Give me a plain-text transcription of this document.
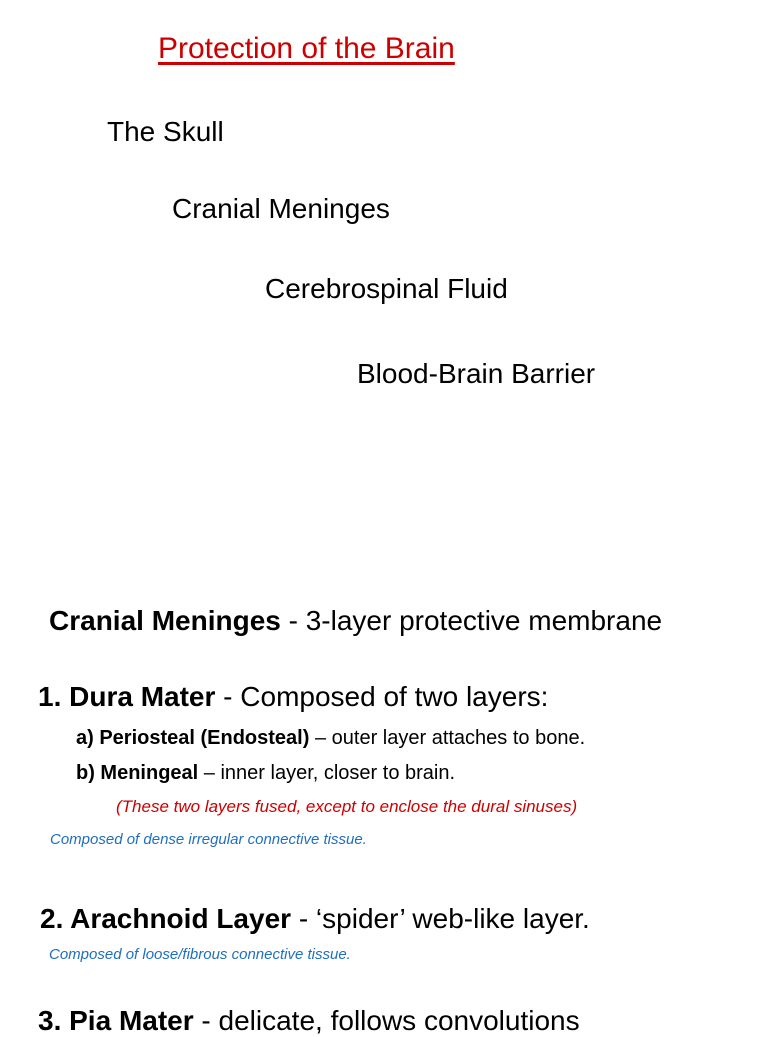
Protection of the Brain
The Skull
Cranial Meninges
Cerebrospinal Fluid
Blood-Brain Barrier
Cranial Meninges - 3-layer protective membrane
1. Dura Mater - Composed of two layers:
a) Periosteal (Endosteal) – outer layer attaches to bone.
b) Meningeal – inner layer, closer to brain.
(These two layers fused, except to enclose the dural sinuses)
Composed of dense irregular connective tissue.
2. Arachnoid Layer - ‘spider’ web-like layer.
Composed of loose/fibrous connective tissue.
3. Pia Mater - delicate, follows convolutions
